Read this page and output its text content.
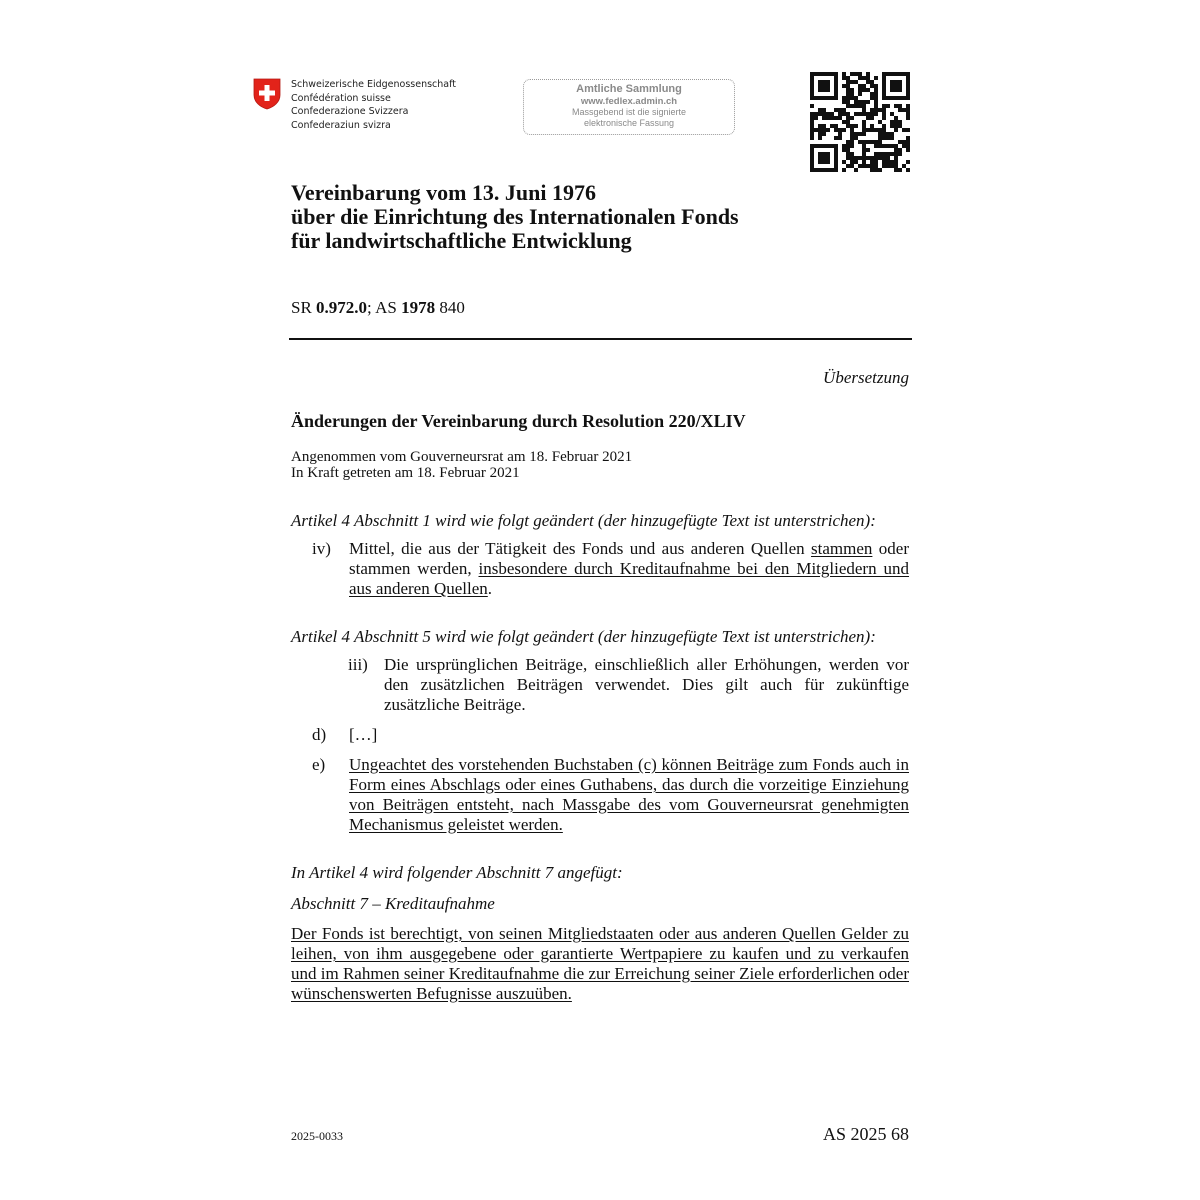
Schweizerische Eidgenossenschaft
Confédération suisse
Confederazione Svizzera
Confederaziun svizra
Amtliche Sammlung
www.fedlex.admin.ch
Massgebend ist die signierte
elektronische Fassung
Vereinbarung vom 13. Juni 1976
über die Einrichtung des Internationalen Fonds
für landwirtschaftliche Entwicklung
SR 0.972.0; AS 1978 840
Übersetzung
Änderungen der Vereinbarung durch Resolution 220/XLIV
Angenommen vom Gouverneursrat am 18. Februar 2021
In Kraft getreten am 18. Februar 2021

Artikel 4 Abschnitt 1 wird wie folgt geändert (der hinzugefügte Text ist unterstrichen):

iv)	Mittel, die aus der Tätigkeit des Fonds und aus anderen Quellen stammen oder stammen werden, insbesondere durch Kreditaufnahme bei den Mitgliedern und aus anderen Quellen.

Artikel 4 Abschnitt 5 wird wie folgt geändert (der hinzugefügte Text ist unterstrichen):

iii) Die ursprünglichen Beiträge, einschließlich aller Erhöhungen, werden vor den zusätzlichen Beiträgen verwendet. Dies gilt auch für zukünftige zusätzliche Beiträge.
d)	[…]
e)	Ungeachtet des vorstehenden Buchstaben (c) können Beiträge zum Fonds auch in Form eines Abschlags oder eines Guthabens, das durch die vorzeitige Einziehung von Beiträgen entsteht, nach Massgabe des vom Gouverneursrat genehmigten Mechanismus geleistet werden.

In Artikel 4 wird folgender Abschnitt 7 angefügt:

Abschnitt 7 – Kreditaufnahme

Der Fonds ist berechtigt, von seinen Mitgliedstaaten oder aus anderen Quellen Gelder zu leihen, von ihm ausgegebene oder garantierte Wertpapiere zu kaufen und zu verkaufen und im Rahmen seiner Kreditaufnahme die zur Erreichung seiner Ziele erforderlichen oder wünschenswerten Befugnisse auszuüben.

2025-0033	AS 2025 68
